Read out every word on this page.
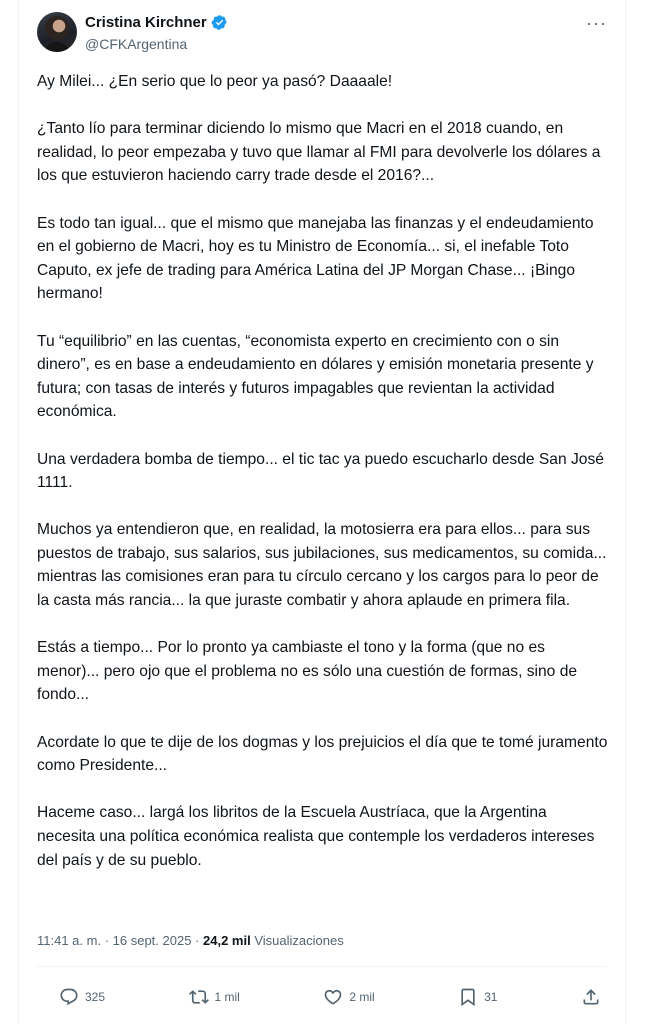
Cristina Kirchner
@CFKArgentina
···

Ay Milei... ¿En serio que lo peor ya pasó? Daaaale!

¿Tanto lío para terminar diciendo lo mismo que Macri en el 2018 cuando, en realidad, lo peor empezaba y tuvo que llamar al FMI para devolverle los dólares a los que estuvieron haciendo carry trade desde el 2016?...

Es todo tan igual... que el mismo que manejaba las finanzas y el endeudamiento en el gobierno de Macri, hoy es tu Ministro de Economía... si, el inefable Toto Caputo, ex jefe de trading para América Latina del JP Morgan Chase... ¡Bingo hermano!

Tu “equilibrio” en las cuentas, “economista experto en crecimiento con o sin dinero”, es en base a endeudamiento en dólares y emisión monetaria presente y futura; con tasas de interés y futuros impagables que revientan la actividad económica.

Una verdadera bomba de tiempo... el tic tac ya puedo escucharlo desde San José 1111.

Muchos ya entendieron que, en realidad, la motosierra era para ellos... para sus puestos de trabajo, sus salarios, sus jubilaciones, sus medicamentos, su comida... mientras las comisiones eran para tu círculo cercano y los cargos para lo peor de la casta más rancia... la que juraste combatir y ahora aplaude en primera fila.

Estás a tiempo... Por lo pronto ya cambiaste el tono y la forma (que no es menor)... pero ojo que el problema no es sólo una cuestión de formas, sino de fondo...

Acordate lo que te dije de los dogmas y los prejuicios el día que te tomé juramento como Presidente...

Haceme caso... largá los libritos de la Escuela Austríaca, que la Argentina necesita una política económica realista que contemple los verdaderos intereses del país y de su pueblo.

11:41 a. m. · 16 sept. 2025 · 24,2 mil Visualizaciones
325	1 mil	2 mil	31
